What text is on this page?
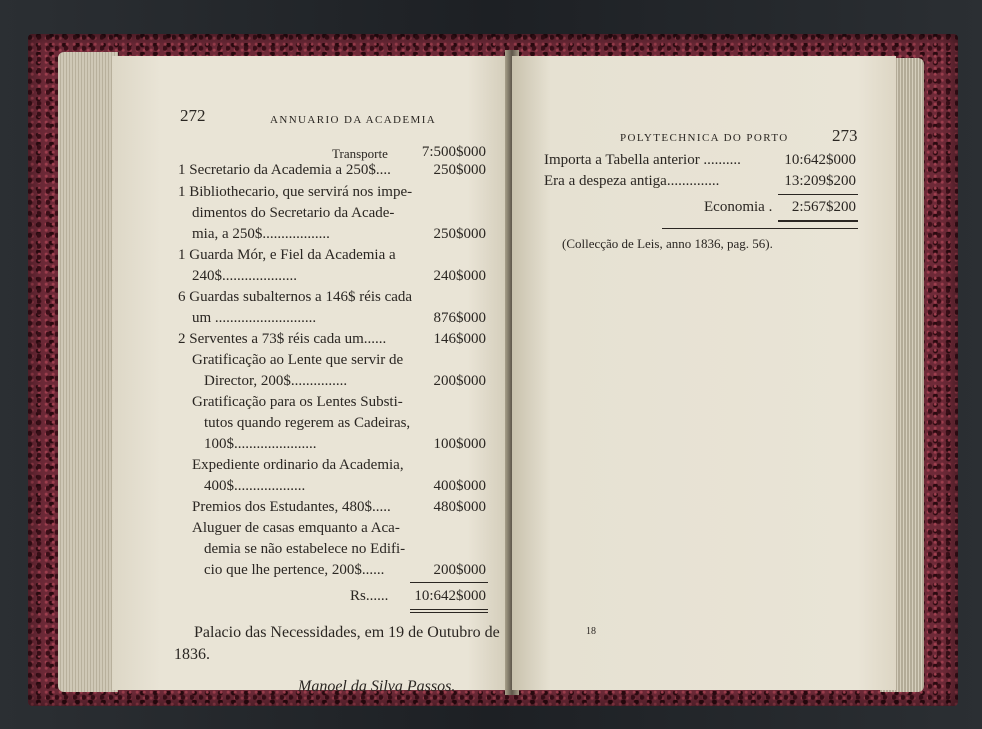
272	ANNUARIO DA ACADEMIA
Transporte 7:500$000
1 Secretario da Academia a 250$....	250$000
1 Bibliothecario, que servirá nos impe-
dimentos do Secretario da Acade-
mia, a 250$..................	250$000
1 Guarda Mór, e Fiel da Academia a
240$....................	240$000
6 Guardas subalternos a 146$ réis cada
um ...........................	876$000
2 Serventes a 73$ réis cada um......	146$000
Gratificação ao Lente que servir de
Director, 200$...............	200$000
Gratificação para os Lentes Substi-
tutos quando regerem as Cadeiras,
100$......................	100$000
Expediente ordinario da Academia,
400$...................	400$000
Premios dos Estudantes, 480$.....	480$000
Aluguer de casas emquanto a Aca-
demia se não estabelece no Edifi-
cio que lhe pertence, 200$......	200$000
Rs...... 10:642$000
Palacio das Necessidades, em 19 de Outubro de
1836.
Manoel da Silva Passos.
POLYTECHNICA DO PORTO	273
Importa a Tabella anterior ..........	10:642$000
Era a despeza antiga..............	13:209$200
Economia . 2:567$200
(Collecção de Leis, anno 1836, pag. 56).
18
